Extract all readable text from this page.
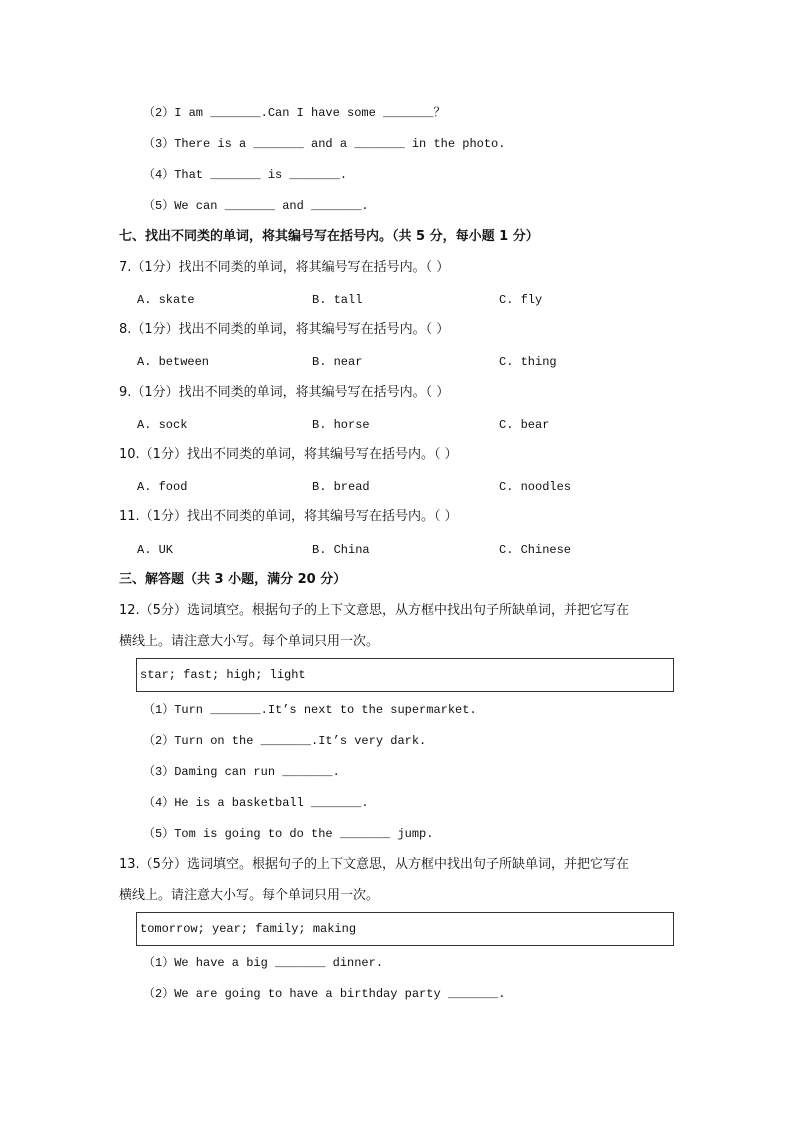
（2）I am _______.Can I have some _______？
（3）There is a _______ and a _______ in the photo.
（4）That _______ is _______.
（5）We can _______ and _______.
七、找出不同类的单词，将其编号写在括号内。（共 5 分，每小题 1 分）
7.（1分）找出不同类的单词，将其编号写在括号内。（ ）
A. skate	B. tall	C. fly
8.（1分）找出不同类的单词，将其编号写在括号内。（ ）
A. between	B. near	C. thing
9.（1分）找出不同类的单词，将其编号写在括号内。（ ）
A. sock	B. horse	C. bear
10.（1分）找出不同类的单词，将其编号写在括号内。（ ）
A. food	B. bread	C. noodles
11.（1分）找出不同类的单词，将其编号写在括号内。（ ）
A. UK	B. China	C. Chinese
三、解答题（共 3 小题，满分 20 分）
12.（5分）选词填空。根据句子的上下文意思，从方框中找出句子所缺单词，并把它写在
横线上。请注意大小写。每个单词只用一次。
star; fast; high; light
（1）Turn _______.It’s next to the supermarket.
（2）Turn on the _______.It’s very dark.
（3）Daming can run _______.
（4）He is a basketball _______.
（5）Tom is going to do the _______ jump.
13.（5分）选词填空。根据句子的上下文意思，从方框中找出句子所缺单词，并把它写在
横线上。请注意大小写。每个单词只用一次。
tomorrow; year; family; making
（1）We have a big _______ dinner.
（2）We are going to have a birthday party _______.
